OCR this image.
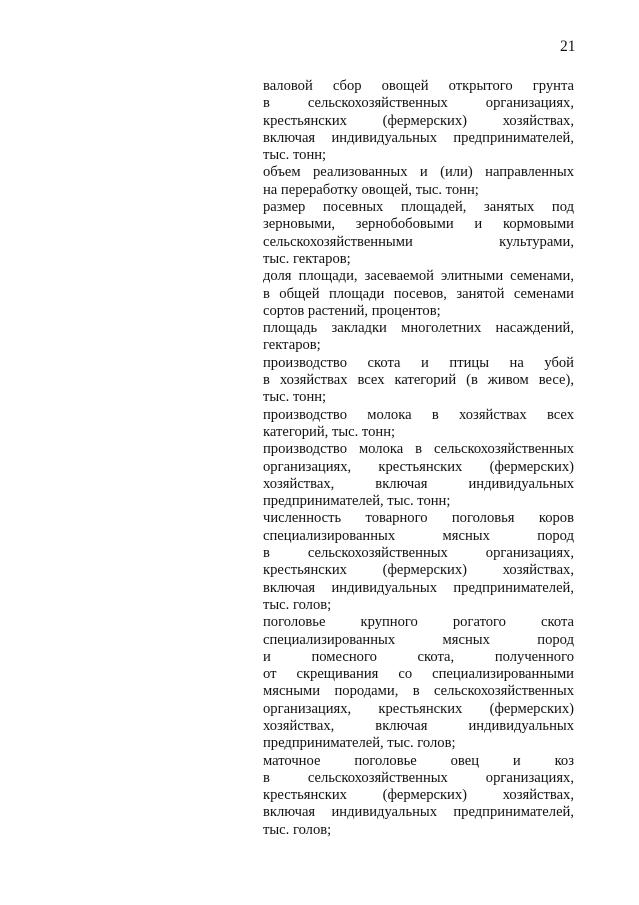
21
валовой сбор овощей открытого грунта
в сельскохозяйственных организациях,
крестьянских (фермерских) хозяйствах,
включая индивидуальных предпринимателей,
тыс. тонн;
объем реализованных и (или) направленных
на переработку овощей, тыс. тонн;
размер посевных площадей, занятых под
зерновыми, зернобобовыми и кормовыми
сельскохозяйственными культурами,
тыс. гектаров;
доля площади, засеваемой элитными семенами,
в общей площади посевов, занятой семенами
сортов растений, процентов;
площадь закладки многолетних насаждений,
гектаров;
производство скота и птицы на убой
в хозяйствах всех категорий (в живом весе),
тыс. тонн;
производство молока в хозяйствах всех
категорий, тыс. тонн;
производство молока в сельскохозяйственных
организациях, крестьянских (фермерских)
хозяйствах, включая индивидуальных
предпринимателей, тыс. тонн;
численность товарного поголовья коров
специализированных мясных пород
в сельскохозяйственных организациях,
крестьянских (фермерских) хозяйствах,
включая индивидуальных предпринимателей,
тыс. голов;
поголовье крупного рогатого скота
специализированных мясных пород
и помесного скота, полученного
от скрещивания со специализированными
мясными породами, в сельскохозяйственных
организациях, крестьянских (фермерских)
хозяйствах, включая индивидуальных
предпринимателей, тыс. голов;
маточное поголовье овец и коз
в сельскохозяйственных организациях,
крестьянских (фермерских) хозяйствах,
включая индивидуальных предпринимателей,
тыс. голов;
